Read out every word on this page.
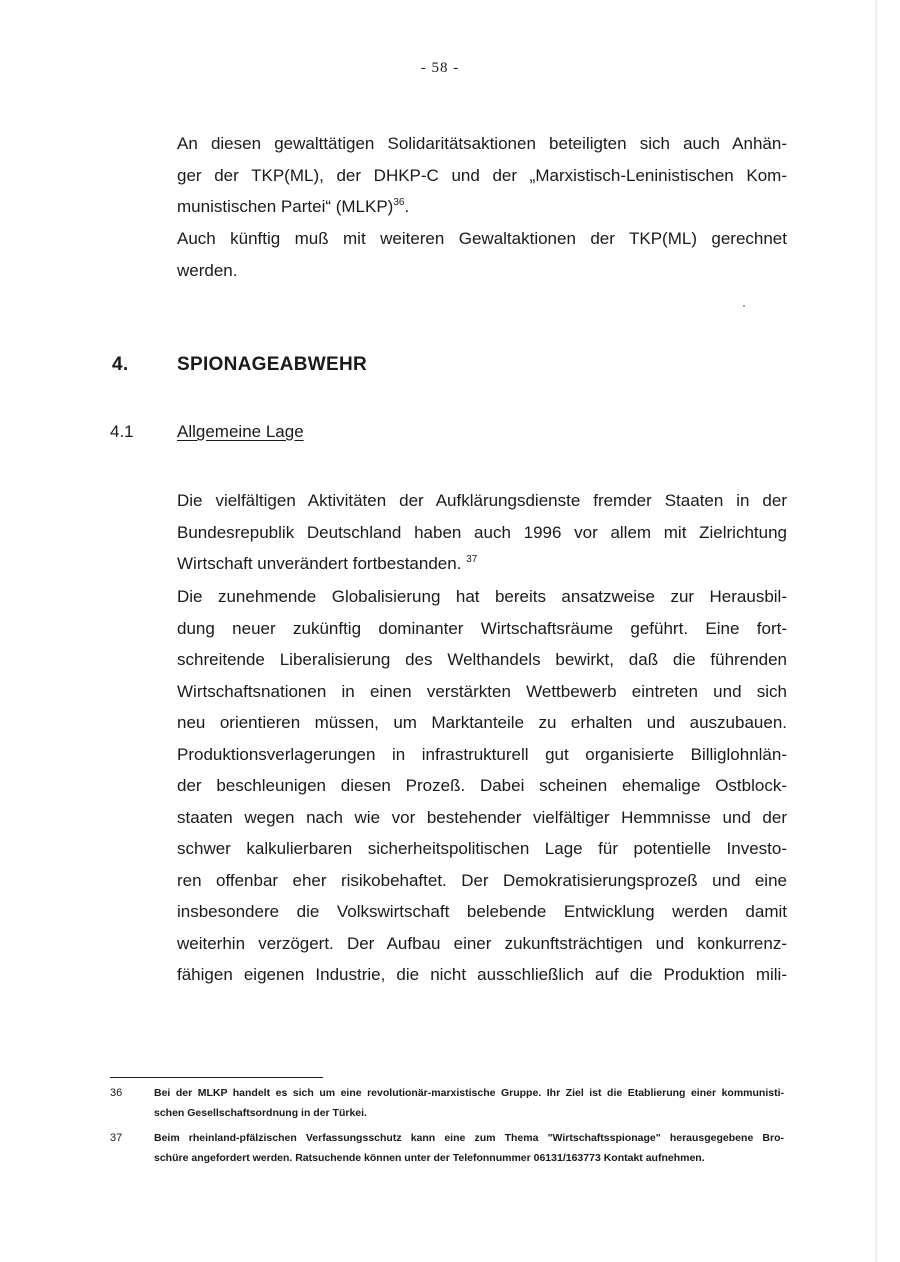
- 58 -
An diesen gewalttätigen Solidaritätsaktionen beteiligten sich auch Anhän-
ger der TKP(ML), der DHKP-C und der „Marxistisch-Leninistischen Kom-
munistischen Partei“ (MLKP)$^{36}$.
Auch künftig muß mit weiteren Gewaltaktionen der TKP(ML) gerechnet
werden.
4.	SPIONAGEABWEHR
4.1	Allgemeine Lage
Die vielfältigen Aktivitäten der Aufklärungsdienste fremder Staaten in der
Bundesrepublik Deutschland haben auch 1996 vor allem mit Zielrichtung
Wirtschaft unverändert fortbestanden. $^{37}$
Die zunehmende Globalisierung hat bereits ansatzweise zur Herausbil-
dung neuer zukünftig dominanter Wirtschaftsräume geführt. Eine fort-
schreitende Liberalisierung des Welthandels bewirkt, daß die führenden
Wirtschaftsnationen in einen verstärkten Wettbewerb eintreten und sich
neu orientieren müssen, um Marktanteile zu erhalten und auszubauen.
Produktionsverlagerungen in infrastrukturell gut organisierte Billiglohnlän-
der beschleunigen diesen Prozeß. Dabei scheinen ehemalige Ostblock-
staaten wegen nach wie vor bestehender vielfältiger Hemmnisse und der
schwer kalkulierbaren sicherheitspolitischen Lage für potentielle Investo-
ren offenbar eher risikobehaftet. Der Demokratisierungsprozeß und eine
insbesondere die Volkswirtschaft belebende Entwicklung werden damit
weiterhin verzögert. Der Aufbau einer zukunftsträchtigen und konkurrenz-
fähigen eigenen Industrie, die nicht ausschließlich auf die Produktion mili-
36	Bei der MLKP handelt es sich um eine revolutionär-marxistische Gruppe. Ihr Ziel ist die Etablierung einer kommunisti-
schen Gesellschaftsordnung in der Türkei.
37	Beim rheinland-pfälzischen Verfassungsschutz kann eine zum Thema "Wirtschaftsspionage" herausgegebene Bro-
schüre angefordert werden. Ratsuchende können unter der Telefonnummer 06131/163773 Kontakt aufnehmen.
